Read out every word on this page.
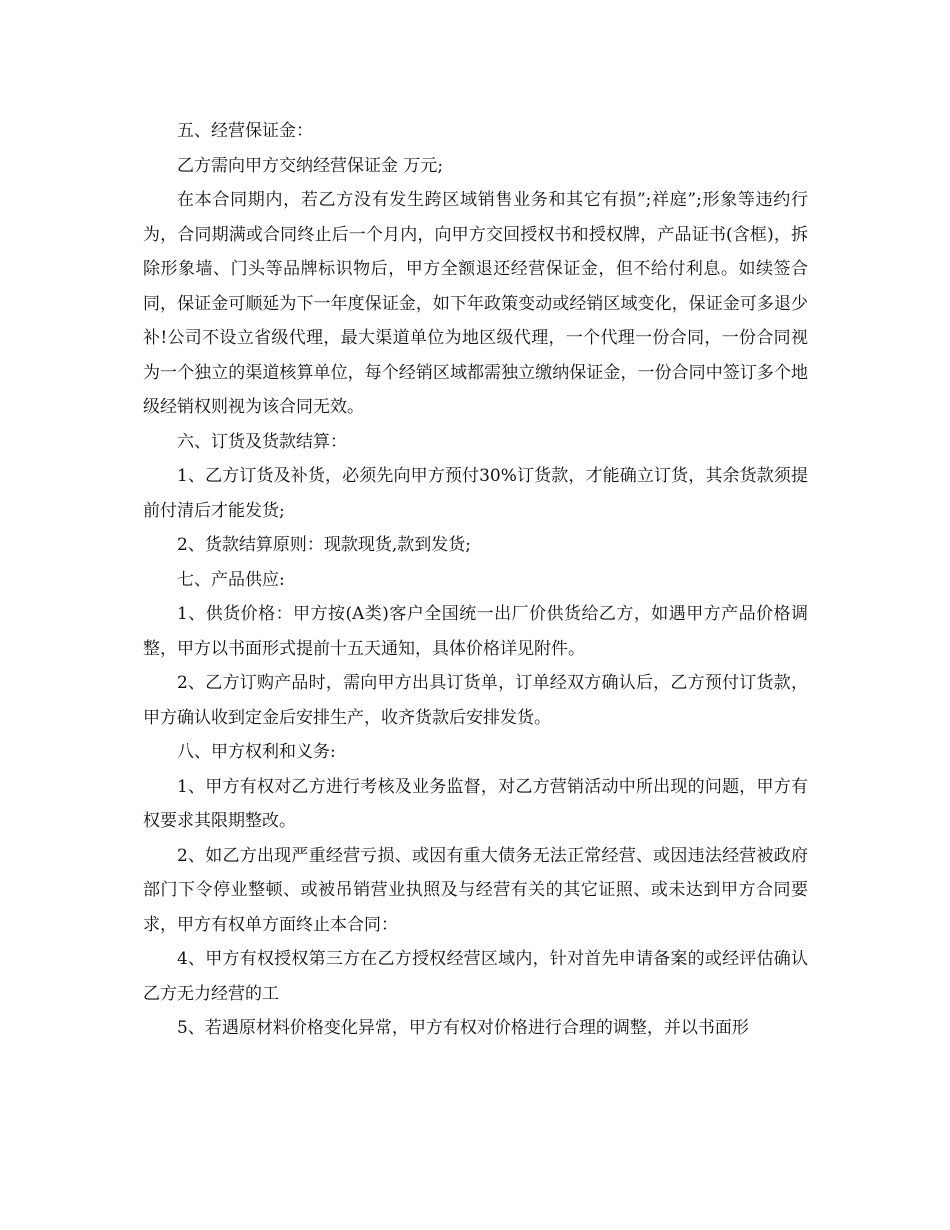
五、经营保证金：

乙方需向甲方交纳经营保证金 万元;

在本合同期内，若乙方没有发生跨区域销售业务和其它有损”;祥庭”;形象等违约行为，合同期满或合同终止后一个月内，向甲方交回授权书和授权牌，产品证书(含框)，拆除形象墙、门头等品牌标识物后，甲方全额退还经营保证金，但不给付利息。如续签合同，保证金可顺延为下一年度保证金，如下年政策变动或经销区域变化，保证金可多退少补!公司不设立省级代理，最大渠道单位为地区级代理，一个代理一份合同，一份合同视为一个独立的渠道核算单位，每个经销区域都需独立缴纳保证金，一份合同中签订多个地级经销权则视为该合同无效。

六、订货及货款结算：

1、乙方订货及补货，必须先向甲方预付30%订货款，才能确立订货，其余货款须提前付清后才能发货;

2、货款结算原则：现款现货,款到发货;

七、产品供应:

1、供货价格：甲方按(A类)客户全国统一出厂价供货给乙方，如遇甲方产品价格调整，甲方以书面形式提前十五天通知，具体价格详见附件。

2、乙方订购产品时，需向甲方出具订货单，订单经双方确认后，乙方预付订货款，甲方确认收到定金后安排生产，收齐货款后安排发货。

八、甲方权利和义务:

1、甲方有权对乙方进行考核及业务监督，对乙方营销活动中所出现的问题，甲方有权要求其限期整改。

2、如乙方出现严重经营亏损、或因有重大债务无法正常经营、或因违法经营被政府部门下令停业整顿、或被吊销营业执照及与经营有关的其它证照、或未达到甲方合同要求，甲方有权单方面终止本合同：

4、甲方有权授权第三方在乙方授权经营区域内，针对首先申请备案的或经评估确认乙方无力经营的工

5、若遇原材料价格变化异常，甲方有权对价格进行合理的调整，并以书面形
